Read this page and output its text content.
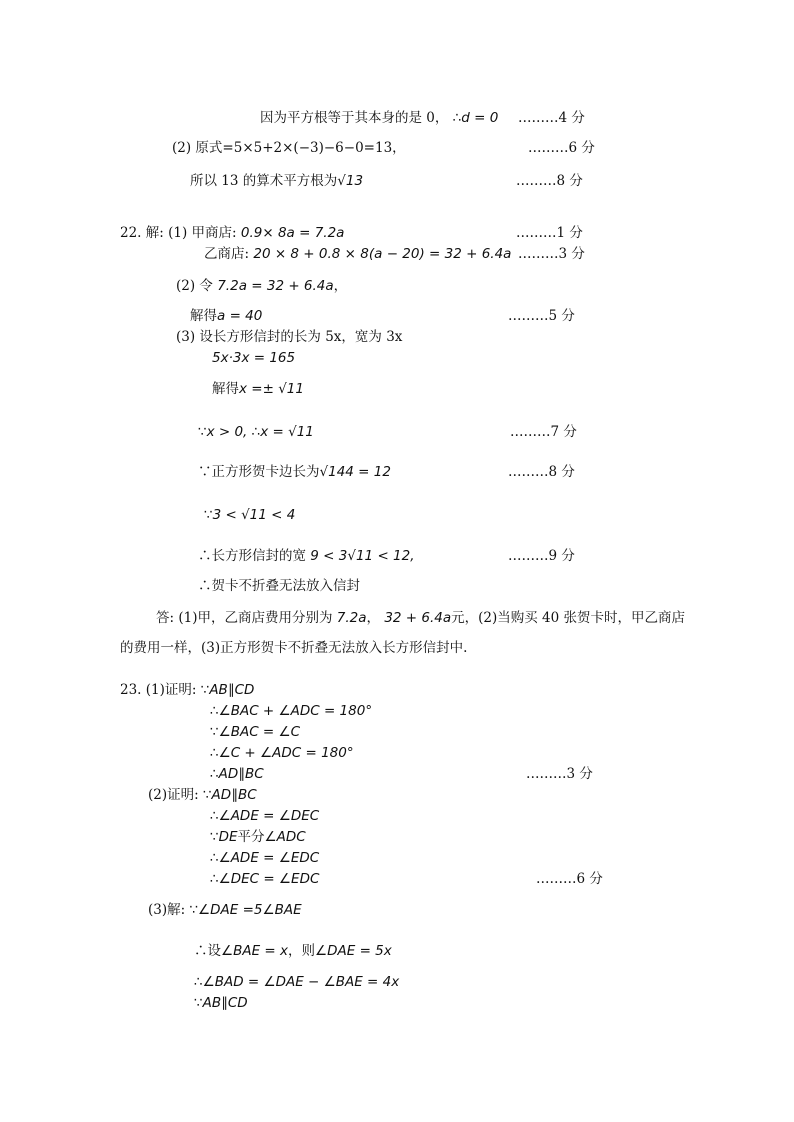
因为平方根等于其本身的是 0， ∴d = 0 ………4 分
(2) 原式=5×5+2×(−3)−6−0=13，	………6 分
所以 13 的算术平方根为√13	………8 分
22. 解: (1) 甲商店: 0.9× 8a = 7.2a	………1 分
乙商店: 20 × 8 + 0.8 × 8(a − 20) = 32 + 6.4a ………3 分
(2) 令 7.2a = 32 + 6.4a，
解得a = 40	………5 分
(3) 设长方形信封的长为 5x，宽为 3x
5x·3x = 165
解得x =± √11
∵x > 0, ∴x = √11	………7 分
∵正方形贺卡边长为√144 = 12	………8 分
∵3 < √11 < 4
∴长方形信封的宽 9 < 3√11 < 12,	………9 分
∴贺卡不折叠无法放入信封
答: (1)甲，乙商店费用分别为 7.2a， 32 + 6.4a元，(2)当购买 40 张贺卡时，甲乙商店
的费用一样，(3)正方形贺卡不折叠无法放入长方形信封中.
23. (1)证明: ∵AB∥CD
∴∠BAC + ∠ADC = 180°
∵∠BAC = ∠C
∴∠C + ∠ADC = 180°
∴AD∥BC	………3 分
(2)证明: ∵AD∥BC
∴∠ADE = ∠DEC
∵DE平分∠ADC
∴∠ADE = ∠EDC
∴∠DEC = ∠EDC	………6 分
(3)解: ∵∠DAE =5∠BAE
∴设∠BAE = x，则∠DAE = 5x
∴∠BAD = ∠DAE − ∠BAE = 4x
∵AB∥CD
